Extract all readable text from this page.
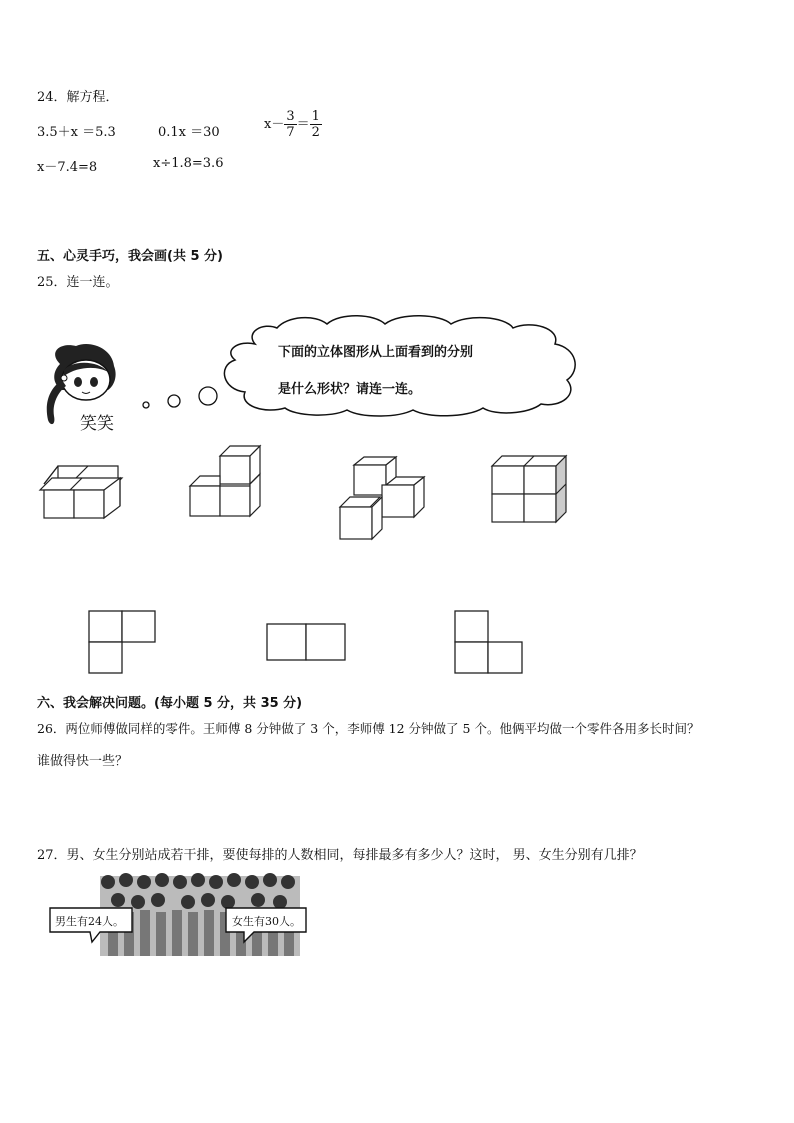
24．解方程．
3.5＋x ＝5.3	0.1x ＝30
$x- \frac{3}{7} = \frac{1}{2}$
x－7.4=8	x÷1.8=3.6
五、心灵手巧，我会画(共 5 分)
25．连一连。
笑笑
下面的立体图形从上面看到的分别
是什么形状？请连一连。
六、我会解决问题。(每小题 5 分，共 35 分)
26．两位师傅做同样的零件。王师傅 8 分钟做了 3 个，李师傅 12 分钟做了 5 个。他俩平均做一个零件各用多长时间？
谁做得快一些？
27．男、女生分别站成若干排，要使每排的人数相同，每排最多有多少人？这时， 男、女生分别有几排？
男生有24人。	女生有30人。
